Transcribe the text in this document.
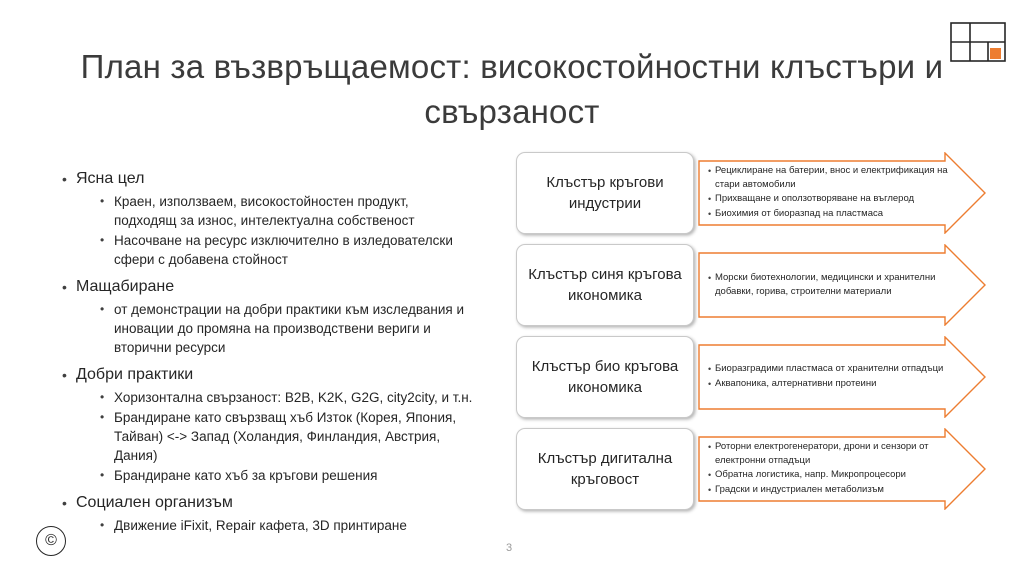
План за възвръщаемост: високостойностни клъстъри и свързаност
• Ясна цел
• Краен, използваем, високостойностен продукт, подходящ за износ, интелектуална собственост
• Насочване на ресурс изключително в изледователски сфери с добавена стойност
• Мащабиране
• от демонстрации на добри практики към изследвания и иновации до промяна на производствени вериги и вторични ресурси
• Добри практики
• Хоризонтална свързаност: B2B, K2K, G2G, city2city, и т.н.
• Брандиране като свързващ хъб Изток (Корея, Япония, Тайван) <-> Запад (Холандия, Финландия, Австрия, Дания)
• Брандиране като хъб за кръгови решения
• Социален организъм
• Движение iFixit, Repair кафета, 3D принтиране
Клъстър кръгови индустрии
• Рециклиране на батерии, внос и електрификация на стари автомобили
• Прихващане и оползотворяване на въглерод
• Биохимия от биоразпад на пластмаса
Клъстър синя кръгова икономика
• Морски биотехнологии, медицински и хранителни добавки, горива, строителни материали
Клъстър био кръгова икономика
• Биоразградими пластмаса от хранителни отпадъци
• Аквапоника, алтернативни протеини
Клъстър дигитална кръговост
• Роторни електрогенератори, дрони и сензори от електронни отпадъци
• Обратна логистика, напр. Микропроцесори
• Градски и индустриален метаболизъм
©	3
